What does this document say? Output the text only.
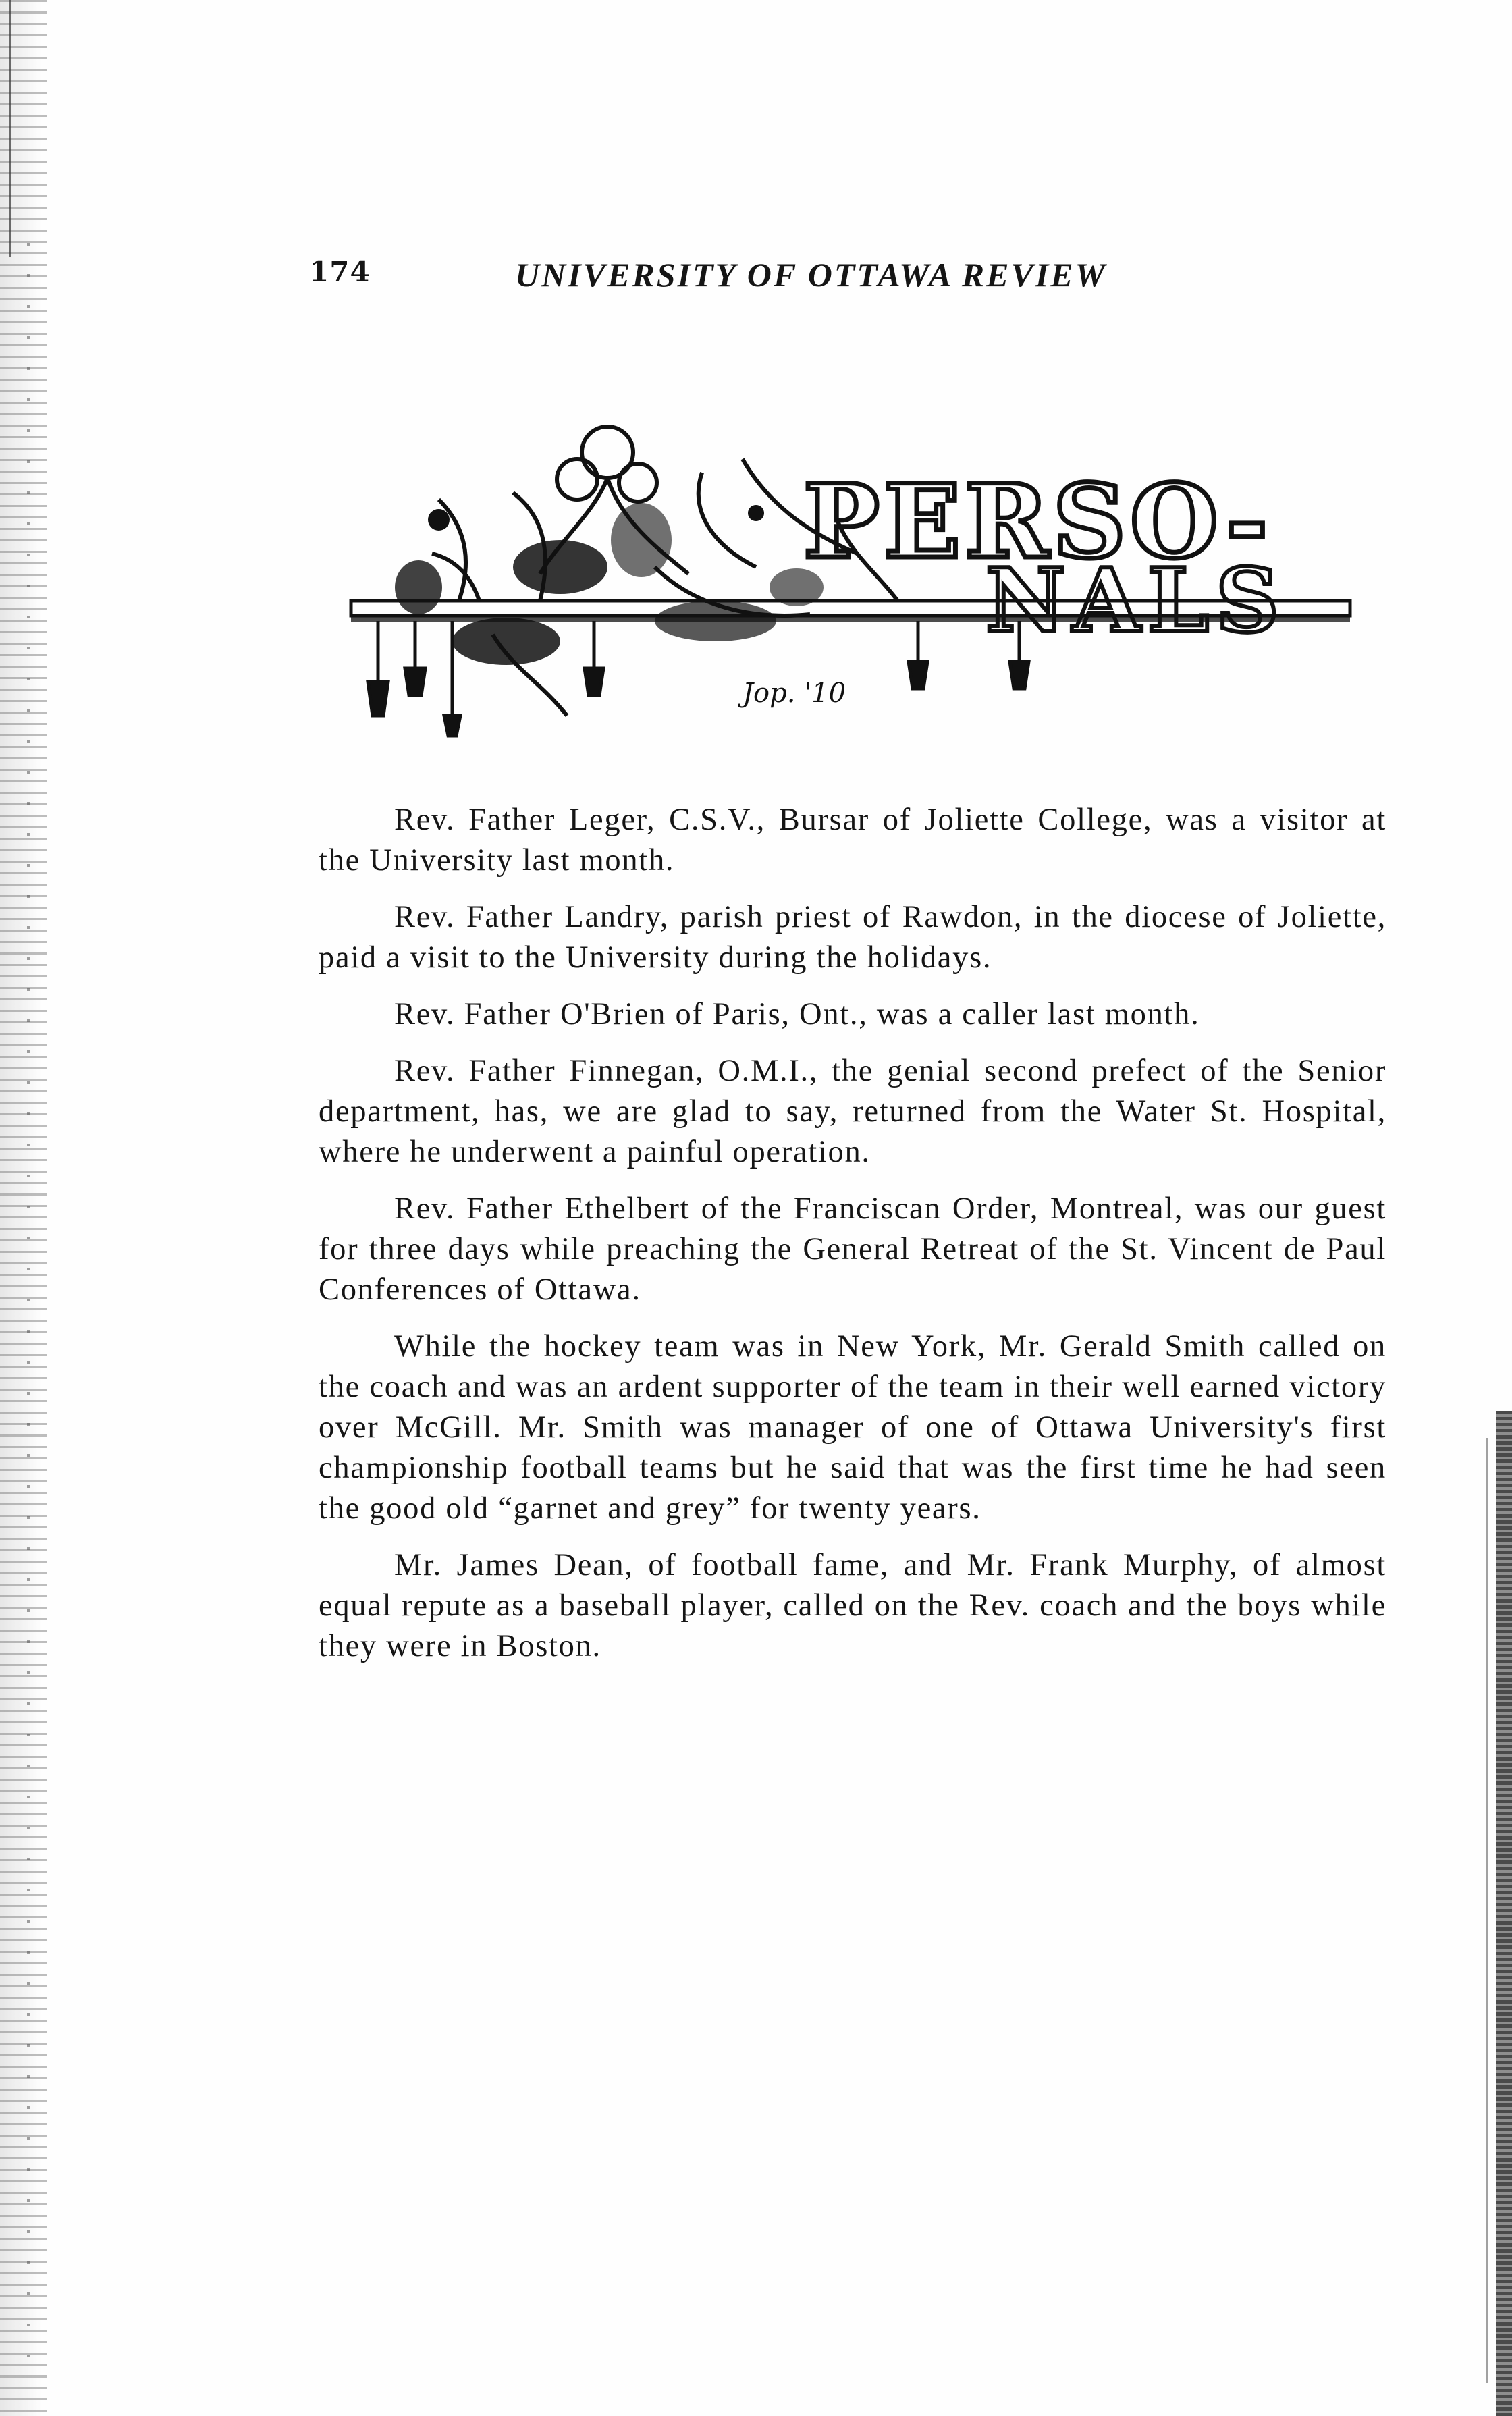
174	UNIVERSITY OF OTTAWA REVIEW
PERSO-
NALS
Jop. '10

Rev. Father Leger, C.S.V., Bursar of Joliette College, was a visitor at the University last month.

Rev. Father Landry, parish priest of Rawdon, in the diocese of Joliette, paid a visit to the University during the holidays.

Rev. Father O'Brien of Paris, Ont., was a caller last month.

Rev. Father Finnegan, O.M.I., the genial second prefect of the Senior department, has, we are glad to say, returned from the Water St. Hospital, where he underwent a painful operation.

Rev. Father Ethelbert of the Franciscan Order, Montreal, was our guest for three days while preaching the General Retreat of the St. Vincent de Paul Conferences of Ottawa.

While the hockey team was in New York, Mr. Gerald Smith called on the coach and was an ardent supporter of the team in their well earned victory over McGill. Mr. Smith was manager of one of Ottawa University's first championship football teams but he said that was the first time he had seen the good old “garnet and grey” for twenty years.

Mr. James Dean, of football fame, and Mr. Frank Murphy, of almost equal repute as a baseball player, called on the Rev. coach and the boys while they were in Boston.
